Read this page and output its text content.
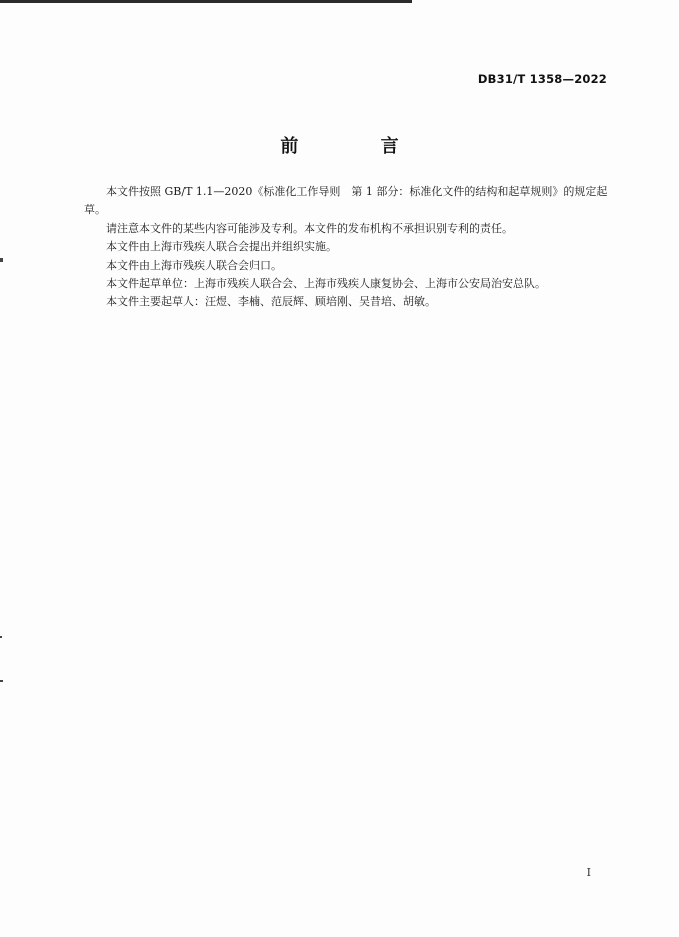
DB31/T 1358—2022
前 言

本文件按照 GB/T 1.1—2020《标准化工作导则　第 1 部分：标准化文件的结构和起草规则》的规定起草。

请注意本文件的某些内容可能涉及专利。本文件的发布机构不承担识别专利的责任。

本文件由上海市残疾人联合会提出并组织实施。

本文件由上海市残疾人联合会归口。

本文件起草单位：上海市残疾人联合会、上海市残疾人康复协会、上海市公安局治安总队。

本文件主要起草人：汪煜、李楠、范辰辉、顾培刚、吴昔培、胡敏。

I
